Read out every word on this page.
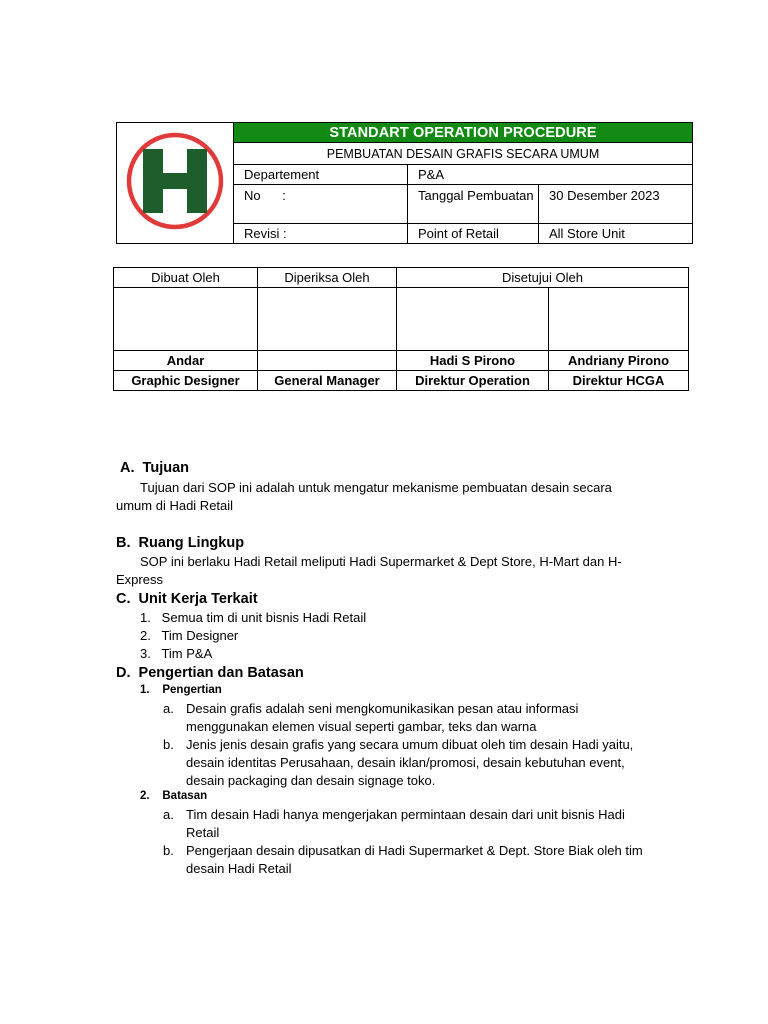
	STANDART OPERATION PROCEDURE		
	PEMBUATAN DESAIN GRAFIS SECARA UMUM		
	Departement	P&A	
	No      :	Tanggal Pembuatan	30 Desember 2023
	Revisi :	Point of Retail	All Store Unit
Dibuat Oleh	Diperiksa Oleh	Disetujui Oleh	

Andar		Hadi S Pirono	Andriany Pirono
Graphic Designer	General Manager	Direktur Operation	Direktur HCGA
A.  Tujuan
Tujuan dari SOP ini adalah untuk mengatur mekanisme pembuatan desain secara
umum di Hadi Retail
B.  Ruang Lingkup
SOP ini berlaku Hadi Retail meliputi Hadi Supermarket & Dept Store, H-Mart dan H-
Express
C.  Unit Kerja Terkait
1.   Semua tim di unit bisnis Hadi Retail
2.   Tim Designer
3.   Tim P&A
D.  Pengertian dan Batasan
1.    Pengertian
a. Desain grafis adalah seni mengkomunikasikan pesan atau informasi
menggunakan elemen visual seperti gambar, teks dan warna
b. Jenis jenis desain grafis yang secara umum dibuat oleh tim desain Hadi yaitu,
desain identitas Perusahaan, desain iklan/promosi, desain kebutuhan event,
desain packaging dan desain signage toko.
2.    Batasan
a. Tim desain Hadi hanya mengerjakan permintaan desain dari unit bisnis Hadi
Retail
b. Pengerjaan desain dipusatkan di Hadi Supermarket & Dept. Store Biak oleh tim
desain Hadi Retail
